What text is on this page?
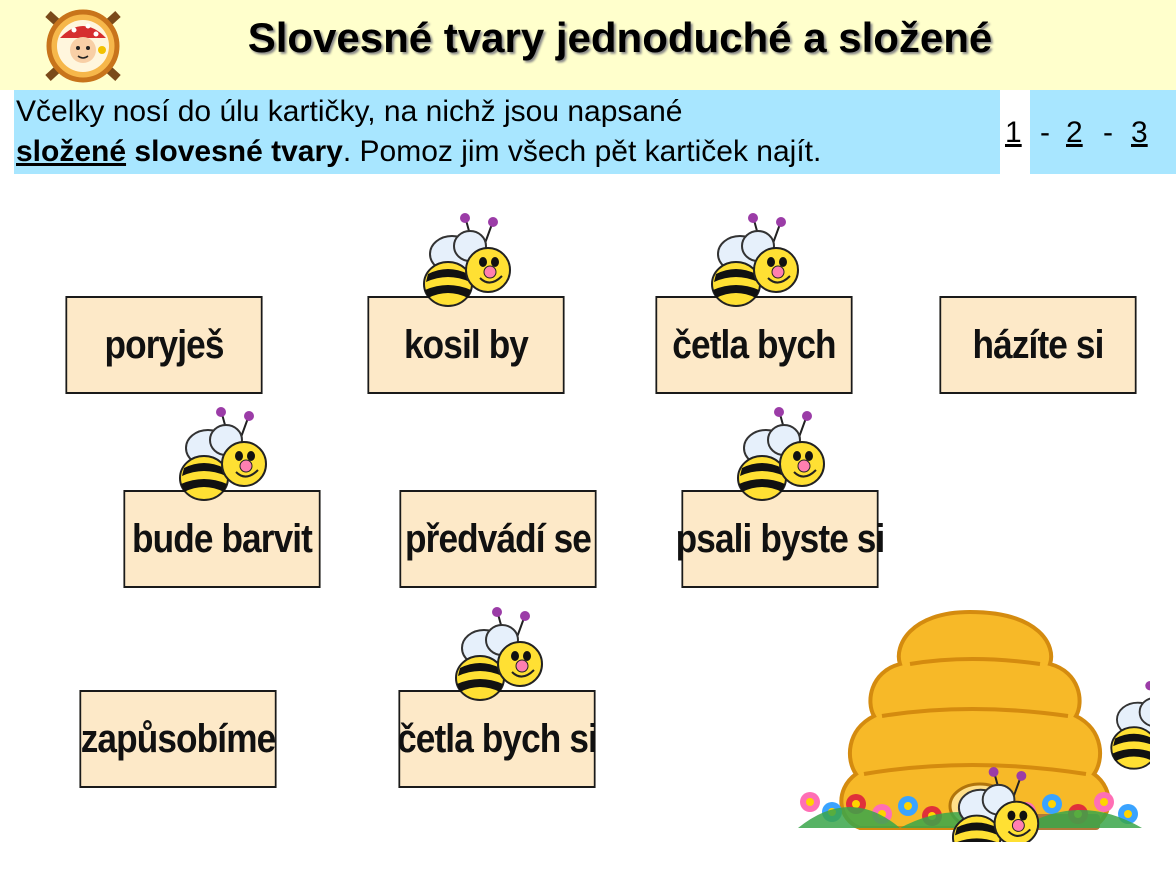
Slovesné tvary jednoduché a složené
Včelky nosí do úlu kartičky, na nichž jsou napsané
složené slovesné tvary. Pomoz jim všech pět kartiček najít.
1 - 2 - 3
poryješ	kosil by	četla bych	házíte si
bude barvit předvádí se psali byste si
zapůsobíme	četla bych si
